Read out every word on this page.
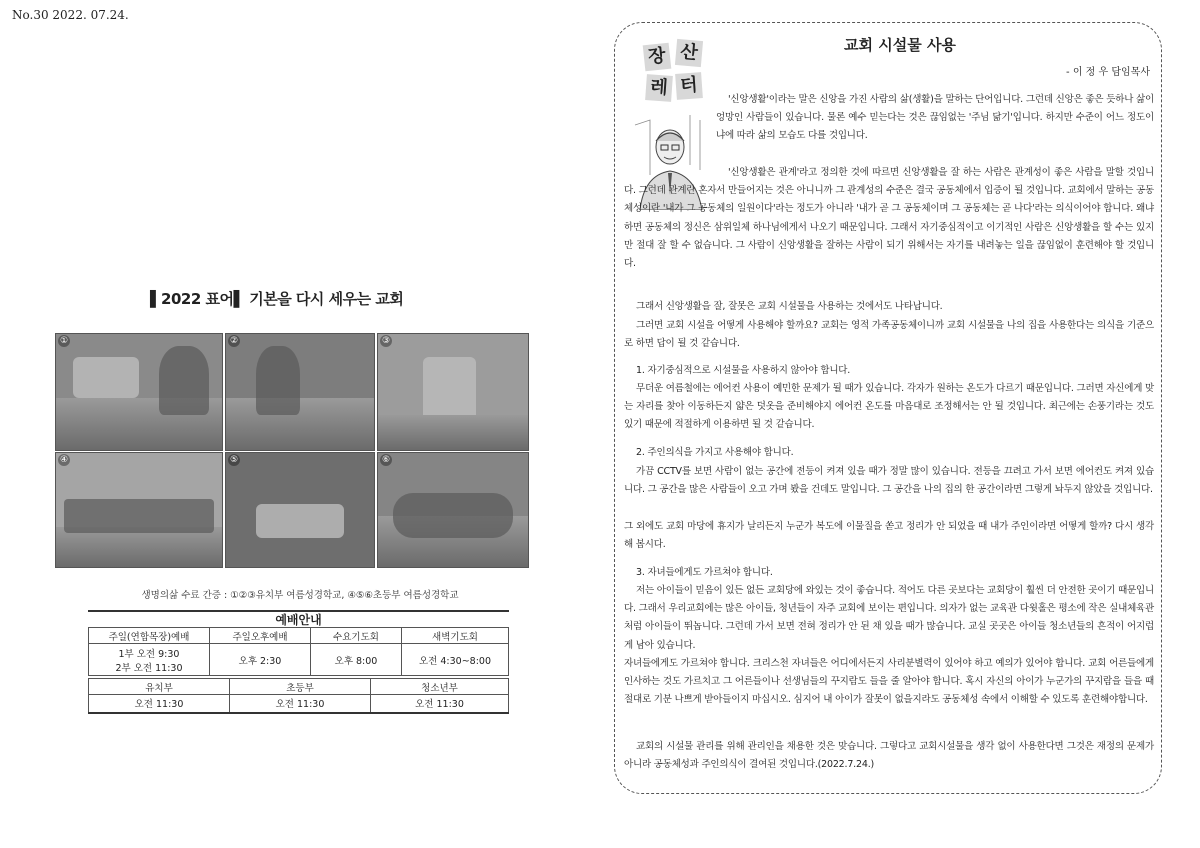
No.30 2022. 07.24.
▌2022 표어▌ 기본을 다시 세우는 교회
①	②	③
④	⑤	⑥
생명의삶 수료 간증 : ①②③유치부 여름성경학교, ④⑤⑥초등부 여름성경학교
예배안내
주일(연합목장)예배	주일오후예배	수요기도회	새벽기도회

1부 오전 9:30
2부 오전 11:30	오후 2:30	오후 8:00	오전 4:30~8:00
유치부	초등부	청소년부
오전 11:30	오전 11:30	오전 11:30
장 산
레 터
교회 시설물 사용
- 이 정 우 담임목사
'신앙생활'이라는 말은 신앙을 가진 사람의 삶(생활)을 말하는 단어입니다. 그런데 신앙은 좋은 듯하나 삶이 엉망인 사람들이 있습니다. 물론 예수 믿는다는 것은 끊임없는 '주님 닮기'입니다. 하지만 수준이 어느 정도이냐에 따라 삶의 모습도 다를 것입니다.
'신앙생활은 관계'라고 정의한 것에 따르면 신앙생활을 잘 하는 사람은 관계성이 좋은 사람을 말할 것입니다. 그런데 관계란 혼자서 만들어지는 것은 아니니까 그 관계성의 수준은 결국 공동체에서 입증이 될 것입니다. 교회에서 말하는 공동체성이란 '내가 그 공동체의 일원이다'라는 정도가 아니라 '내가 곧 그 공동체이며 그 공동체는 곧 나다'라는 의식이어야 합니다. 왜냐하면 공동체의 정신은 삼위일체 하나님에게서 나오기 때문입니다. 그래서 자기중심적이고 이기적인 사람은 신앙생활을 할 수는 있지만 절대 잘 할 수 없습니다. 그 사람이 신앙생활을 잘하는 사람이 되기 위해서는 자기를 내려놓는 일을 끊임없이 훈련해야 할 것입니다.
그래서 신앙생활을 잘, 잘못은 교회 시설물을 사용하는 것에서도 나타납니다.
그러면 교회 시설을 어떻게 사용해야 할까요? 교회는 영적 가족공동체이니까 교회 시설물을 나의 집을 사용한다는 의식을 기준으로 하면 답이 될 것 같습니다.
1. 자기중심적으로 시설물을 사용하지 않아야 합니다.
무더운 여름철에는 에어컨 사용이 예민한 문제가 될 때가 있습니다. 각자가 원하는 온도가 다르기 때문입니다. 그러면 자신에게 맞는 자리를 찾아 이동하든지 얇은 덧옷을 준비해야지 에어컨 온도를 마음대로 조정해서는 안 될 것입니다. 최근에는 손풍기라는 것도 있기 때문에 적절하게 이용하면 될 것 같습니다.
2. 주인의식을 가지고 사용해야 합니다.
가끔 CCTV를 보면 사람이 없는 공간에 전등이 켜져 있을 때가 정말 많이 있습니다. 전등을 끄려고 가서 보면 에어컨도 켜져 있습니다. 그 공간을 많은 사람들이 오고 가며 봤을 건데도 말입니다. 그 공간을 나의 집의 한 공간이라면 그렇게 놔두지 않았을 것입니다.
그 외에도 교회 마당에 휴지가 날리든지 누군가 복도에 이물질을 쏟고 정리가 안 되었을 때 내가 주인이라면 어떻게 할까? 다시 생각해 봅시다.
3. 자녀들에게도 가르쳐야 합니다.
저는 아이들이 믿음이 있든 없든 교회당에 와있는 것이 좋습니다. 적어도 다른 곳보다는 교회당이 훨씬 더 안전한 곳이기 때문입니다. 그래서 우리교회에는 많은 아이들, 청년들이 자주 교회에 보이는 편입니다. 의자가 없는 교육관 다윗홀은 평소에 작은 실내체육관처럼 아이들이 뛰놉니다. 그런데 가서 보면 전혀 정리가 안 된 채 있을 때가 많습니다. 교실 곳곳은 아이들 청소년들의 흔적이 어지럽게 남아 있습니다.
자녀들에게도 가르쳐야 합니다. 크리스천 자녀들은 어디에서든지 사리분별력이 있어야 하고 예의가 있어야 합니다. 교회 어른들에게 인사하는 것도 가르치고 그 어른들이나 선생님들의 꾸지람도 들을 줄 알아야 합니다. 혹시 자신의 아이가 누군가의 꾸지람을 들을 때 절대로 기분 나쁘게 받아들이지 마십시오. 심지어 내 아이가 잘못이 없을지라도 공동체성 속에서 이해할 수 있도록 훈련해야합니다.
교회의 시설물 관리를 위해 관리인을 채용한 것은 맞습니다. 그렇다고 교회시설물을 생각 없이 사용한다면 그것은 재정의 문제가 아니라 공동체성과 주인의식이 결여된 것입니다.(2022.7.24.)
